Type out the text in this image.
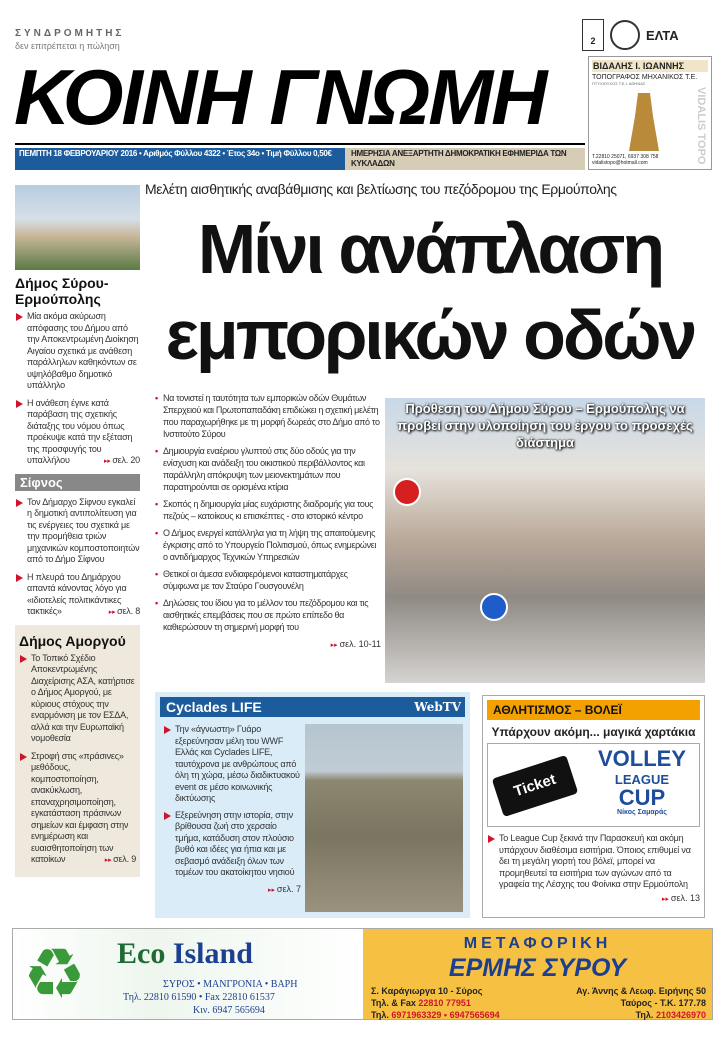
ΣΥΝΔΡΟΜΗΤΗΣ
δεν επιτρέπεται η πώληση
ΚΟΙΝΗ ΓΝΩΜΗ
ΠΕΜΠΤΗ 18 ΦΕΒΡΟΥΑΡΙΟΥ 2016 • Αριθμός Φύλλου 4322 • Έτος 34ο • Τιμή Φύλλου 0,50€	ΗΜΕΡΗΣΙΑ ΑΝΕΞΑΡΤΗΤΗ ΔΗΜΟΚΡΑΤΙΚΗ ΕΦΗΜΕΡΙΔΑ ΤΩΝ ΚΥΚΛΑΔΩΝ
2	ΕΛΤΑ
ΒΙΔΑΛΗΣ Ι. ΙΩΑΝΝΗΣ
ΤΟΠΟΓΡΑΦΟΣ ΜΗΧΑΝΙΚΟΣ Τ.Ε.
ΠΤΥΧΙΟΥΧΟΣ Τ.Ε.Ι. ΑΘΗΝΑΣ
VIDALIS TOPO
T.22810 25071, 6937 308 758 vidalistopo@hotmail.com
Μελέτη αισθητικής αναβάθμισης και βελτίωσης του πεζόδρομου της Ερμούπολης
Μίνι ανάπλαση
εμπορικών οδών
Δήμος Σύρου-Ερμούπολης
Μία ακόμα ακύρωση απόφασης του Δήμου από την Αποκεντρωμένη Διοίκηση Αιγαίου σχετικά με ανάθεση παράλληλων καθηκόντων σε υψηλόβαθμο δημοτικό υπάλληλο
Η ανάθεση έγινε κατά παράβαση της σχετικής διάταξης του νόμου όπως προέκυψε κατά την εξέταση της προσφυγής του υπαλλήλου	▸▸ σελ. 20
Σίφνος
Τον Δήμαρχο Σίφνου εγκαλεί η δημοτική αντιπολίτευση για τις ενέργειες του σχετικά με την προμήθεια τριών μηχανικών κομποστοποιητών από το Δήμο Σίφνου
Η πλευρά του Δημάρχου απαντά κάνοντας λόγο για «ιδιοτελείς πολιτικάντικες τακτικές»	▸▸ σελ. 8
Δήμος Αμοργού
Το Τοπικό Σχέδιο Αποκεντρωμένης Διαχείρισης ΑΣΑ, κατήρτισε ο Δήμος Αμοργού, με κύριους στόχους την εναρμόνιση με τον ΕΣΔΑ, αλλά και την Ευρωπαϊκή νομοθεσία
Στροφή στις «πράσινες» μεθόδους, κομποστοποίηση, ανακύκλωση, επαναχρησιμοποίηση, εγκατάσταση πράσινων σημείων και έμφαση στην ενημέρωση και ευαισθητοποίηση των κατοίκων	▸▸ σελ. 9
• Να τονιστεί η ταυτότητα των εμπορικών οδών Θυμάτων Σπερχειού και Πρωτοπαπαδάκη επιδιώκει η σχετική μελέτη που παραχωρήθηκε με τη μορφή δωρεάς στο Δήμο από το Ινστιτούτο Σύρου
• Δημιουργία εναέριου γλυπτού στις δύο οδούς για την ενίσχυση και ανάδειξη του οικιστικού περιβάλλοντος και παράλληλη απόκρυψη των μειονεκτημάτων που παρατηρούνται σε ορισμένα κτίρια
• Σκοπός η δημιουργία μίας ευχάριστης διαδρομής για τους πεζούς – κατοίκους κι επισκέπτες - στο ιστορικό κέντρο
• Ο Δήμος ενεργεί κατάλληλα για τη λήψη της απαιτούμενης έγκρισης από το Υπουργείο Πολιτισμού, όπως ενημερώνει ο αντιδήμαρχος Τεχνικών Υπηρεσιών
• Θετικοί οι άμεσα ενδιαφερόμενοι καταστηματάρχες σύμφωνα με τον Σταύρο Γουσγουνέλη
• Δηλώσεις του ίδιου για το μέλλον του πεζόδρομου και τις αισθητικές επεμβάσεις που σε πρώτο επίπεδο θα καθιερώσουν τη σημερινή μορφή του
▸▸ σελ. 10-11
Πρόθεση του Δήμου Σύρου – Ερμούπολης να προβεί στην υλοποίηση του έργου το προσεχές διάστημα
Cyclades LIFE	WebTV
Την «άγνωστη» Γυάρο εξερεύνησαν μέλη του WWF Ελλάς και Cyclades LIFE, ταυτόχρονα με ανθρώπους από όλη τη χώρα, μέσω διαδικτυακού event σε μέσο κοινωνικής δικτύωσης
Εξερεύνηση στην ιστορία, στην βρίθουσα ζωή στο χερσαίο τμήμα, κατάδυση στον πλούσιο βυθό και ιδέες για ήπια και με σεβασμό ανάδειξη όλων των τομέων του ακατοίκητου νησιού
▸▸ σελ. 7
ΑΘΛΗΤΙΣΜΟΣ – ΒΟΛΕΪ
Υπάρχουν ακόμη... μαγικά χαρτάκια
Ticket
VOLLEY
LEAGUE
CUP
Νίκος Σαμαράς
Το League Cup ξεκινά την Παρασκευή και ακόμη υπάρχουν διαθέσιμα εισιτήρια. Όποιος επιθυμεί να δει τη μεγάλη γιορτή του βόλεϊ, μπορεί να προμηθευτεί τα εισιτήρια των αγώνων από τα γραφεία της Λέσχης του Φοίνικα στην Ερμούπολη
▸▸ σελ. 13
♻ Eco Island
ΣΥΡΟΣ • ΜΑΝΓΡΟΝΙΑ • ΒΑΡΗ
Τηλ. 22810 61590 • Fax 22810 61537
Κιν. 6947 565694
ΜΕΤΑΦΟΡΙΚΗ
ΕΡΜΗΣ ΣΥΡΟΥ
Σ. Καράγιωργα 10 - Σύρος
Τηλ. & Fax 22810 77951
Τηλ. 6971963329 • 6947565694
Αγ. Άννης & Λεωφ. Ειρήνης 50
Ταύρος - Τ.Κ. 177.78
Τηλ. 2103426970
